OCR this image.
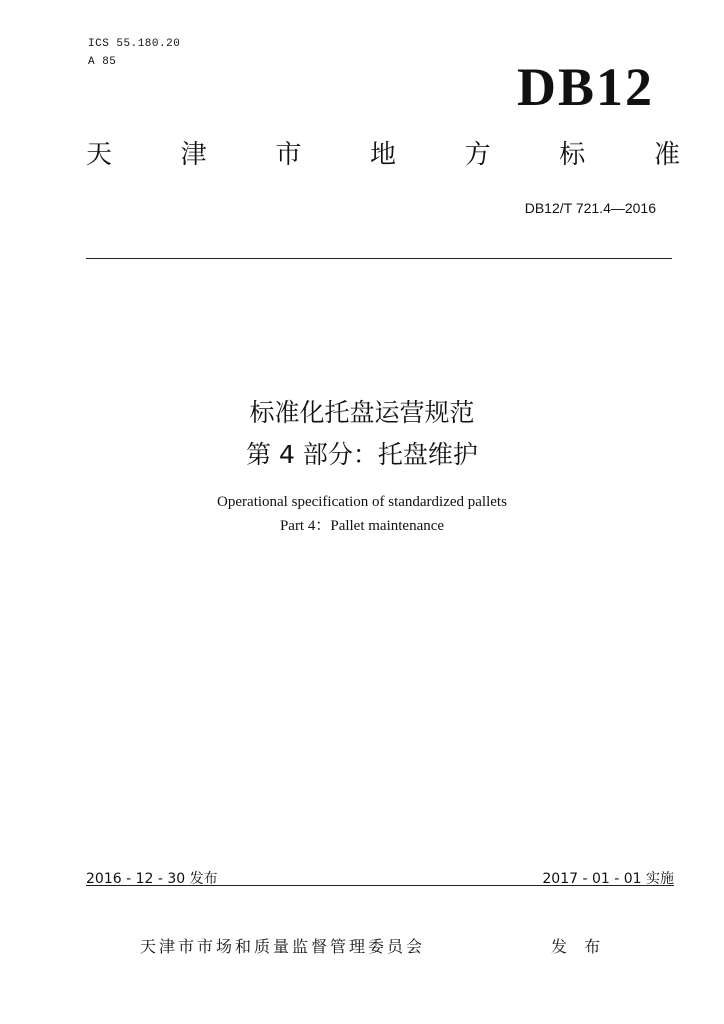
ICS 55.180.20
A 85	DB12
天	津	市	地	方	标	准
DB12/T 721.4—2016
标准化托盘运营规范
第 4 部分：托盘维护
Operational specification of standardized pallets
Part 4：Pallet maintenance
2016 - 12 - 30 发布	2017 - 01 - 01 实施
天津市市场和质量监督管理委员会	发 布
